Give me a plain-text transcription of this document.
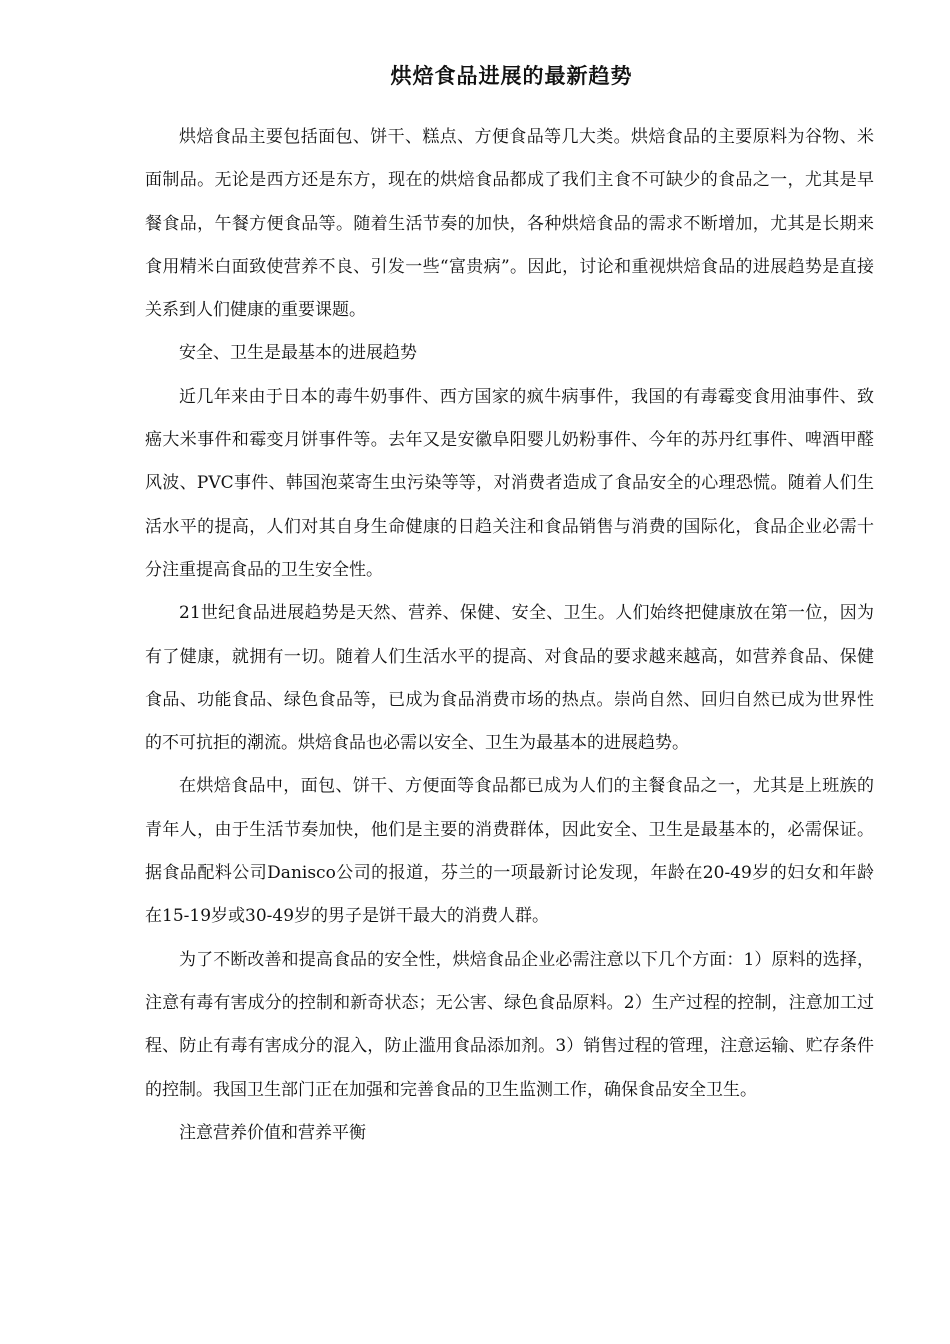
烘焙食品进展的最新趋势

烘焙食品主要包括面包、饼干、糕点、方便食品等几大类。烘焙食品的主要原料为谷物、米面制品。无论是西方还是东方，现在的烘焙食品都成了我们主食不可缺少的食品之一，尤其是早餐食品，午餐方便食品等。随着生活节奏的加快，各种烘焙食品的需求不断增加，尤其是长期来食用精米白面致使营养不良、引发一些“富贵病”。因此，讨论和重视烘焙食品的进展趋势是直接关系到人们健康的重要课题。

安全、卫生是最基本的进展趋势

近几年来由于日本的毒牛奶事件、西方国家的疯牛病事件，我国的有毒霉变食用油事件、致癌大米事件和霉变月饼事件等。去年又是安徽阜阳婴儿奶粉事件、今年的苏丹红事件、啤酒甲醛风波、PVC事件、韩国泡菜寄生虫污染等等，对消费者造成了食品安全的心理恐慌。随着人们生活水平的提高，人们对其自身生命健康的日趋关注和食品销售与消费的国际化，食品企业必需十分注重提高食品的卫生安全性。

21世纪食品进展趋势是天然、营养、保健、安全、卫生。人们始终把健康放在第一位，因为有了健康，就拥有一切。随着人们生活水平的提高、对食品的要求越来越高，如营养食品、保健食品、功能食品、绿色食品等，已成为食品消费市场的热点。崇尚自然、回归自然已成为世界性的不可抗拒的潮流。烘焙食品也必需以安全、卫生为最基本的进展趋势。

在烘焙食品中，面包、饼干、方便面等食品都已成为人们的主餐食品之一，尤其是上班族的青年人，由于生活节奏加快，他们是主要的消费群体，因此安全、卫生是最基本的，必需保证。据食品配料公司Danisco公司的报道，芬兰的一项最新讨论发现，年龄在20-49岁的妇女和年龄在15-19岁或30-49岁的男子是饼干最大的消费人群。

为了不断改善和提高食品的安全性，烘焙食品企业必需注意以下几个方面：1）原料的选择，注意有毒有害成分的控制和新奇状态；无公害、绿色食品原料。2）生产过程的控制，注意加工过程、防止有毒有害成分的混入，防止滥用食品添加剂。3）销售过程的管理，注意运输、贮存条件的控制。我国卫生部门正在加强和完善食品的卫生监测工作，确保食品安全卫生。

注意营养价值和营养平衡
